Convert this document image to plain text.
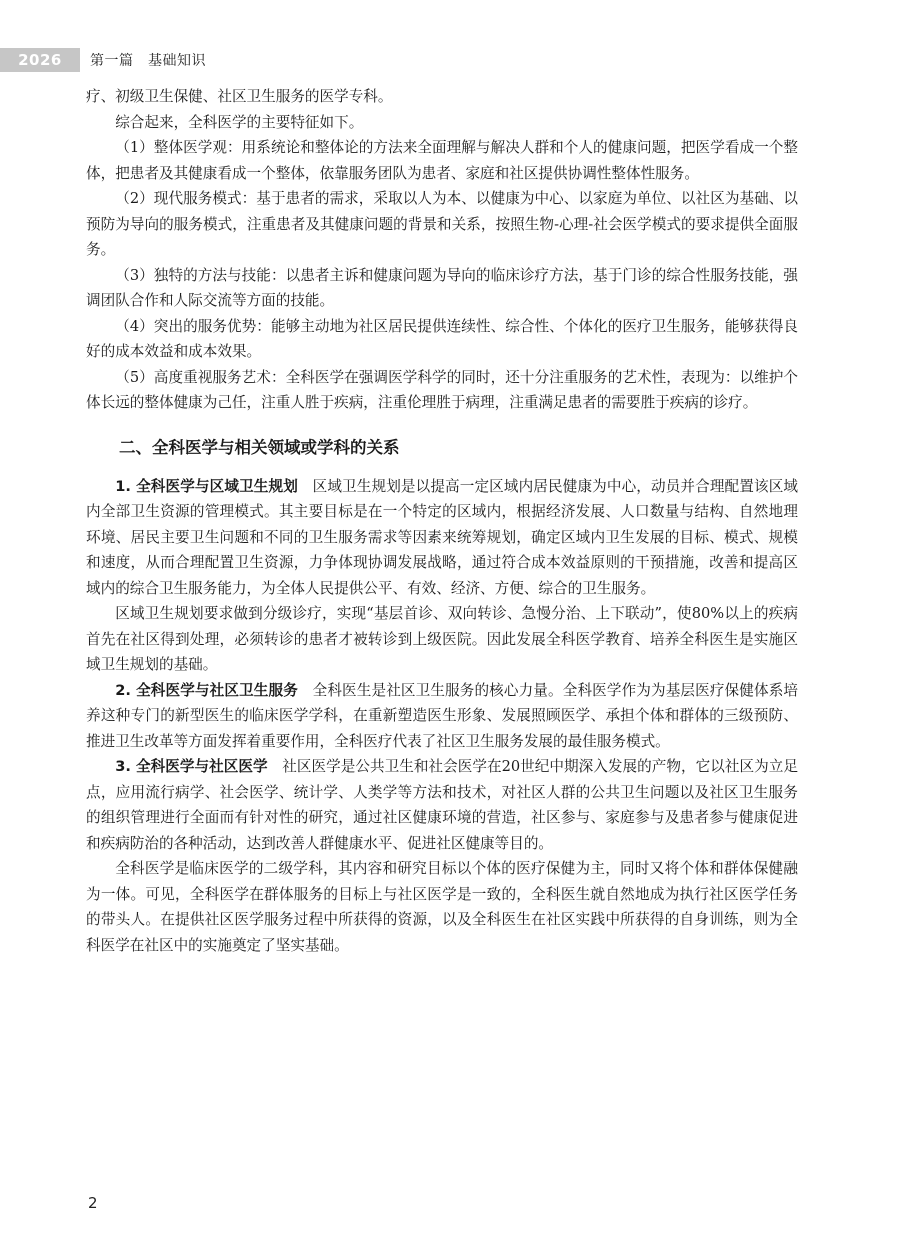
2026	第一篇　基础知识

疗、初级卫生保健、社区卫生服务的医学专科。

综合起来，全科医学的主要特征如下。

（1）整体医学观：用系统论和整体论的方法来全面理解与解决人群和个人的健康问题，把医学看成一个整体，把患者及其健康看成一个整体，依靠服务团队为患者、家庭和社区提供协调性整体性服务。

（2）现代服务模式：基于患者的需求，采取以人为本、以健康为中心、以家庭为单位、以社区为基础、以预防为导向的服务模式，注重患者及其健康问题的背景和关系，按照生物-心理-社会医学模式的要求提供全面服务。

（3）独特的方法与技能：以患者主诉和健康问题为导向的临床诊疗方法，基于门诊的综合性服务技能，强调团队合作和人际交流等方面的技能。

（4）突出的服务优势：能够主动地为社区居民提供连续性、综合性、个体化的医疗卫生服务，能够获得良好的成本效益和成本效果。

（5）高度重视服务艺术：全科医学在强调医学科学的同时，还十分注重服务的艺术性，表现为：以维护个体长远的整体健康为己任，注重人胜于疾病，注重伦理胜于病理，注重满足患者的需要胜于疾病的诊疗。

二、全科医学与相关领域或学科的关系

1. 全科医学与区域卫生规划　区域卫生规划是以提高一定区域内居民健康为中心，动员并合理配置该区域内全部卫生资源的管理模式。其主要目标是在一个特定的区域内，根据经济发展、人口数量与结构、自然地理环境、居民主要卫生问题和不同的卫生服务需求等因素来统筹规划，确定区域内卫生发展的目标、模式、规模和速度，从而合理配置卫生资源，力争体现协调发展战略，通过符合成本效益原则的干预措施，改善和提高区域内的综合卫生服务能力，为全体人民提供公平、有效、经济、方便、综合的卫生服务。

区域卫生规划要求做到分级诊疗，实现“基层首诊、双向转诊、急慢分治、上下联动”，使80%以上的疾病首先在社区得到处理，必须转诊的患者才被转诊到上级医院。因此发展全科医学教育、培养全科医生是实施区域卫生规划的基础。

2. 全科医学与社区卫生服务　全科医生是社区卫生服务的核心力量。全科医学作为为基层医疗保健体系培养这种专门的新型医生的临床医学学科，在重新塑造医生形象、发展照顾医学、承担个体和群体的三级预防、推进卫生改革等方面发挥着重要作用，全科医疗代表了社区卫生服务发展的最佳服务模式。

3. 全科医学与社区医学　社区医学是公共卫生和社会医学在20世纪中期深入发展的产物，它以社区为立足点，应用流行病学、社会医学、统计学、人类学等方法和技术，对社区人群的公共卫生问题以及社区卫生服务的组织管理进行全面而有针对性的研究，通过社区健康环境的营造，社区参与、家庭参与及患者参与健康促进和疾病防治的各种活动，达到改善人群健康水平、促进社区健康等目的。

全科医学是临床医学的二级学科，其内容和研究目标以个体的医疗保健为主，同时又将个体和群体保健融为一体。可见，全科医学在群体服务的目标上与社区医学是一致的，全科医生就自然地成为执行社区医学任务的带头人。在提供社区医学服务过程中所获得的资源，以及全科医生在社区实践中所获得的自身训练，则为全科医学在社区中的实施奠定了坚实基础。

2
